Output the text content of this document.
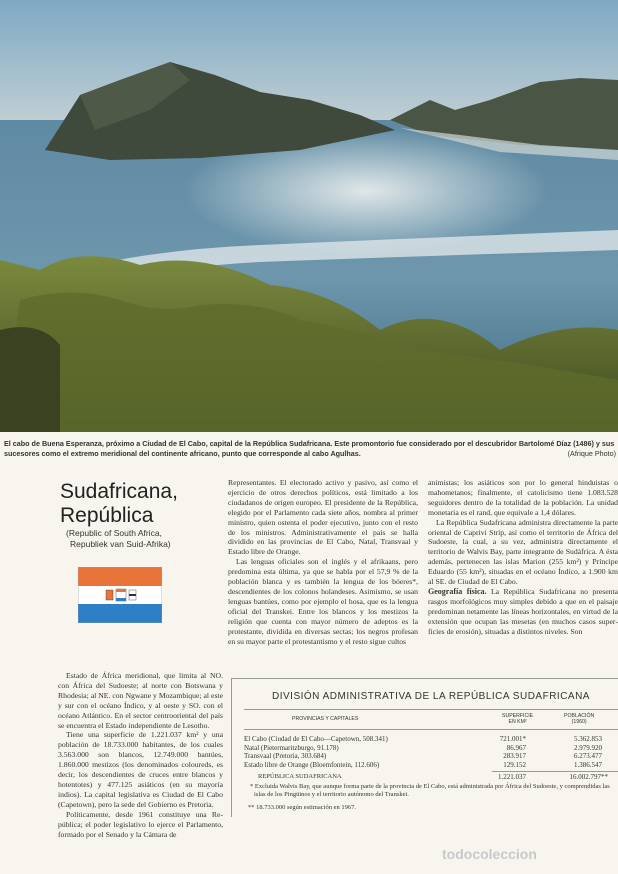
El cabo de Buena Esperanza, próximo a Ciudad de El Cabo, capital de la República Sudafricana. Este promontorio fue considerado por el descubridor Bartolomé Díaz (1486) y sus sucesores como el extremo meridional del continente africano, punto que corresponde al cabo Agulhas.	(Afrique Photo)
Sudafricana,
República
(Republic of South Africa,
Republiek van Suid-Afrika)

Estado de África meridional, que limita al NO. con África del Sudoeste; al norte con Botswana y Rhodesia; al NE. con Ngwane y Mozambique; al este y sur con el océano Índico, y al oeste y SO. con el océano Atlántico. En el sector centrooriental del país se encuentra el Estado independiente de Lesotho.

Tiene una superficie de 1.221.037 km² y una población de 18.733.000 habitantes, de los cuales 3.563.000 son blancos, 12.749.000 bantúes, 1.860.000 mestizos (los denominados coloureds, es decir, los descendientes de cruces entre blancos y hotentotes) y 477.125 asiáticos (en su mayoría indios). La capital legislativa es Ciudad de El Cabo (Capetown), pero la sede del Gobierno es Pretoria.

Políticamente, desde 1961 constituye una República; el poder legislativo lo ejerce el Parlamento, formado por el Senado y la Cámara de

Representantes. El electorado activo y pasivo, así como el ejercicio de otros derechos políticos, está limitado a los ciudadanos de origen europeo. El presidente de la República, elegido por el Parlamento cada siete años, nombra al primer ministro, quien ostenta el poder ejecutivo, junto con el resto de los ministros. Administrativamente el país se halla dividido en las provincias de El Cabo, Natal, Transvaal y Estado libre de Orange.

Las lenguas oficiales son el inglés y el afrikaans, pero predomina esta última, ya que se habla por el 57,9 % de la población blanca y es también la lengua de los bóeres*, descendientes de los colonos holandeses. Asimismo, se usan lenguas bantúes, como por ejemplo el hosa, que es la lengua oficial del Transkei. Entre los blancos y los mestizos la religión que cuenta con mayor número de adeptos es la protestante, dividida en diversas sectas; los negros profesan en su mayor parte el protestantismo y el resto sigue cultos

animistas; los asiáticos son por lo general hinduistas o mahometanos; finalmente, el catolicismo tiene 1.083.528 seguidores dentro de la totalidad de la población. La unidad monetaria es el rand, que equivale a 1,4 dólares.

La República Sudafricana administra directamente la parte oriental de Caprivi Strip, así como el territorio de África del Sudoeste, la cual, a su vez, administra directamente el territorio de Walvis Bay, parte integrante de Sudáfrica. A ésta además, pertenecen las islas Marion (255 km²) y Príncipe Eduardo (55 km²), situadas en el océano Índico, a 1.900 km al SE. de Ciudad de El Cabo.

Geografía física. La República Sudafricana no presenta rasgos morfológicos muy simples debido a que en el paisaje predominan netamente las líneas horizontales, en virtud de la extensión que ocupan las mesetas (en muchos casos superficies de erosión), situadas a distintos niveles. Son

DIVISIÓN ADMINISTRATIVA DE LA REPÚBLICA SUDAFRICANA
PROVINCIAS Y CAPITALES	SUPERFICIE
EN KM²
POBLACIÓN
(1960)
El Cabo (Ciudad de El Cabo—Capetown, 508.341)	721.001*	5.362.853
Natal (Pietermaritzburgo, 91.178)	86.967	2.979.920
Transvaal (Pretoria, 303.684)	283.917	6.273.477
Estado libre de Orange (Bloemfontein, 112.606)	129.152	1.386.547
REPÚBLICA SUDAFRICANA	1.221.037	16.002.797**
* Excluida Walvis Bay, que aunque forma parte de la provincia de El Cabo, está administrada por África del Sudoeste, y comprendidas las islas de los Pingüinos y el territorio autónomo del Transkei.
** 18.733.000 según estimación en 1967.
todocoleccion
